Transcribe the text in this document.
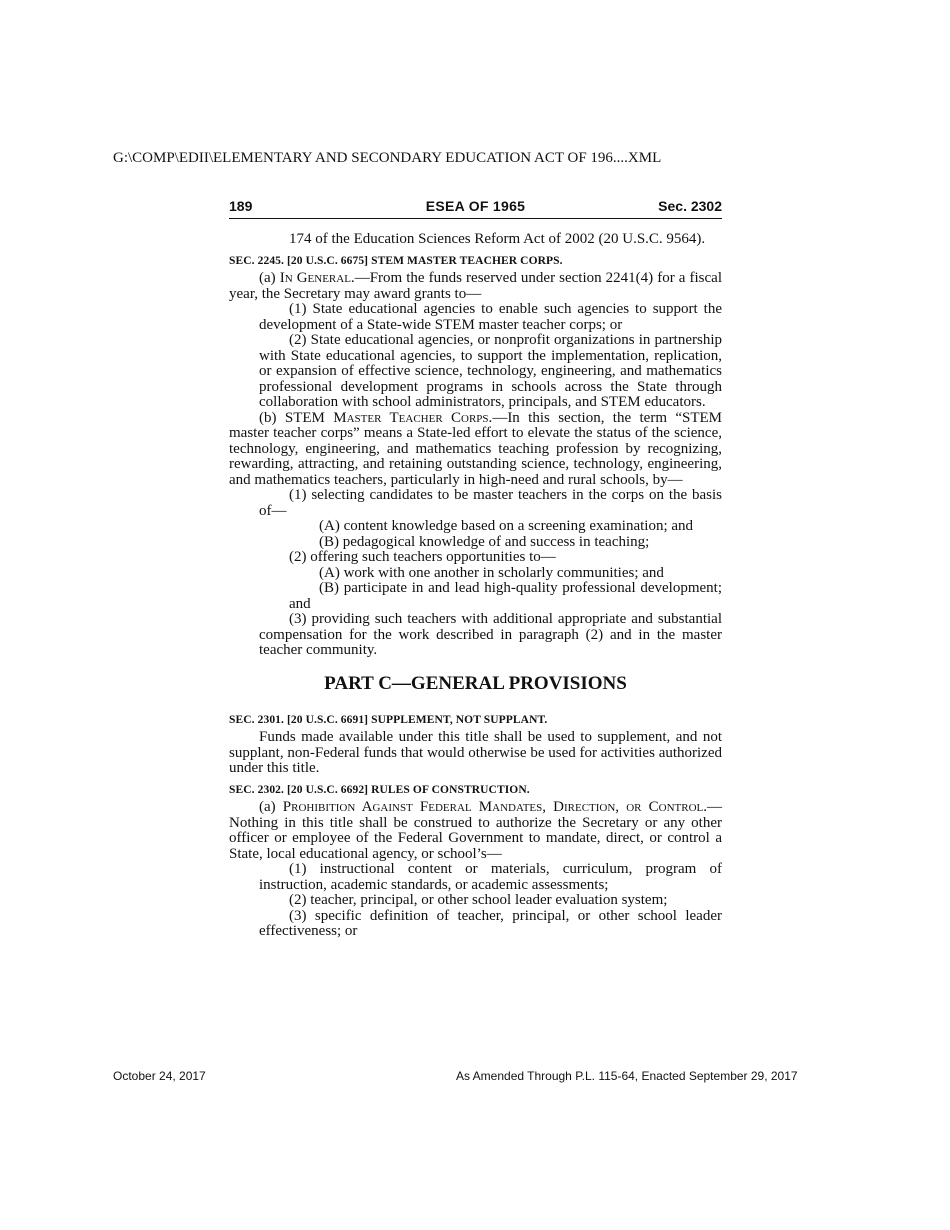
G:\COMP\EDII\ELEMENTARY AND SECONDARY EDUCATION ACT OF 196....XML
189	ESEA OF 1965	Sec. 2302

174 of the Education Sciences Reform Act of 2002 (20 U.S.C. 9564).

SEC. 2245. [20 U.S.C. 6675] STEM MASTER TEACHER CORPS.

(a) In General.—From the funds reserved under section 2241(4) for a fiscal year, the Secretary may award grants to—

(1) State educational agencies to enable such agencies to support the development of a State-wide STEM master teacher corps; or

(2) State educational agencies, or nonprofit organizations in partnership with State educational agencies, to support the implementation, replication, or expansion of effective science, technology, engineering, and mathematics professional development programs in schools across the State through collaboration with school administrators, principals, and STEM educators.

(b) STEM Master Teacher Corps.—In this section, the term “STEM master teacher corps” means a State-led effort to elevate the status of the science, technology, engineering, and mathematics teaching profession by recognizing, rewarding, attracting, and retaining outstanding science, technology, engineering, and mathematics teachers, particularly in high-need and rural schools, by—

(1) selecting candidates to be master teachers in the corps on the basis of—

(A) content knowledge based on a screening examination; and

(B) pedagogical knowledge of and success in teaching;

(2) offering such teachers opportunities to—

(A) work with one another in scholarly communities; and

(B) participate in and lead high-quality professional development; and

(3) providing such teachers with additional appropriate and substantial compensation for the work described in paragraph (2) and in the master teacher community.

PART C—GENERAL PROVISIONS
SEC. 2301. [20 U.S.C. 6691] SUPPLEMENT, NOT SUPPLANT.

Funds made available under this title shall be used to supplement, and not supplant, non-Federal funds that would otherwise be used for activities authorized under this title.

SEC. 2302. [20 U.S.C. 6692] RULES OF CONSTRUCTION.

(a) Prohibition Against Federal Mandates, Direction, or Control.—Nothing in this title shall be construed to authorize the Secretary or any other officer or employee of the Federal Government to mandate, direct, or control a State, local educational agency, or school’s—

(1) instructional content or materials, curriculum, program of instruction, academic standards, or academic assessments;

(2) teacher, principal, or other school leader evaluation system;

(3) specific definition of teacher, principal, or other school leader effectiveness; or

October 24, 2017	As Amended Through P.L. 115-64, Enacted September 29, 2017
